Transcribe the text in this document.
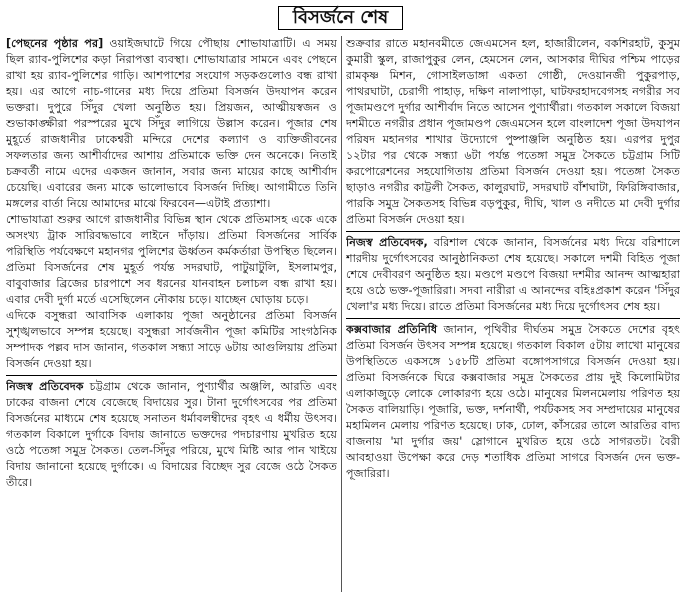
বিসর্জনে শেষ

[পেছনের পৃষ্ঠার পর] ওয়াইজঘাটে গিয়ে পৌছায় শোভাযাত্রাটি। এ সময় ছিল র‍্যাব-পুলিশের কড়া নিরাপত্তা ব্যবস্থা। শোভাযাত্রার সামনে এবং পেছনে রাখা হয় র‍্যাব-পুলিশের গাড়ি। আশপাশের সংযোগ সড়কগুলোও বন্ধ রাখা হয়। এর আগে নাচ-গানের মধ্য দিয়ে প্রতিমা বিসর্জন উদযাপন করেন ভক্তরা। দুপুরে সিঁদুর খেলা অনুষ্ঠিত হয়। প্রিয়জন, আত্মীয়স্বজন ও শুভাকাঙ্ক্ষীরা পরস্পরের মুখে সিঁদুর লাগিয়ে উল্লাস করেন। পূজার শেষ মুহূর্তে রাজধানীর ঢাকেশ্বরী মন্দিরে দেশের কল্যাণ ও ব্যক্তিজীবনের সফলতার জন্য আশীর্বাদের আশায় প্রতিমাকে ভক্তি দেন অনেকে। নিতাই চক্রবর্তী নামে এদের একজন জানান, সবার জন্য মায়ের কাছে আশীর্বাদ চেয়েছি। এবারের জন্য মাকে ভালোভাবে বিসর্জন দিচ্ছি। আগামীতে তিনি মঙ্গলের বার্তা নিয়ে আমাদের মাঝে ফিরবেন—এটাই প্রত্যাশা।

শোভাযাত্রা শুরুর আগে রাজধানীর বিভিন্ন স্থান থেকে প্রতিমাসহ একে একে অসংখ্য ট্রাক সারিবদ্ধভাবে লাইনে দাঁড়ায়। প্রতিমা বিসর্জনের সার্বিক পরিস্থিতি পর্যবেক্ষণে মহানগর পুলিশের ঊর্ধ্বতন কর্মকর্তারা উপস্থিত ছিলেন। প্রতিমা বিসর্জনের শেষ মুহূর্ত পর্যন্ত সদরঘাট, পাটুয়াটুলি, ইসলামপুর, বাবুবাজার ব্রিজের চারপাশে সব ধরনের যানবাহন চলাচল বন্ধ রাখা হয়। এবার দেবী দুর্গা মর্তে এসেছিলেন নৌকায় চড়ে। যাচ্ছেন ঘোড়ায় চড়ে।

এদিকে বসুন্ধরা আবাসিক এলাকায় পূজা অনুষ্ঠানের প্রতিমা বিসর্জন সুশৃঙ্খলভাবে সম্পন্ন হয়েছে। বসুন্ধরা সার্বজনীন পূজা কমিটির সাংগঠনিক সম্পাদক পল্লব দাস জানান, গতকাল সন্ধ্যা সাড়ে ৬টায় আগুলিয়ায় প্রতিমা বিসর্জন দেওয়া হয়।

নিজস্ব প্রতিবেদক চট্টগ্রাম থেকে জানান, পুণ্যার্থীর অঞ্জলি, আরতি এবং ঢাকের বাজনা শেষে বেজেছে বিদায়ের সুর। টানা দুর্গোৎসবের পর প্রতিমা বিসর্জনের মাধ্যমে শেষ হয়েছে সনাতন ধর্মাবলম্বীদের বৃহৎ এ ধর্মীয় উৎসব। গতকাল বিকালে দুর্গাকে বিদায় জানাতে ভক্তদের পদচারণায় মুখরিত হয়ে ওঠে পতেঙ্গা সমুদ্র সৈকত। তেল-সিঁদুর পরিয়ে, মুখে মিষ্টি আর পান খাইয়ে বিদায় জানানো হয়েছে দুর্গাকে। এ বিদায়ের বিচ্ছেদ সুর বেজে ওঠে সৈকত তীরে।

শুক্রবার রাতে মহানবমীতে জেএমসেন হল, হাজারীলেন, বকশিরহাট, কুসুম কুমারী স্কুল, রাজাপুকুর লেন, হেমসেন লেন, আসকার দীঘির পশ্চিম পাড়ের রামকৃষ্ণ মিশন, গোসাইলডাঙ্গা একতা গোষ্ঠী, দেওয়ানজী পুকুরপাড়, পাথরঘাটা, চেরাগী পাহাড়, দক্ষিণ নালাপাড়া, ঘাটফরহাদবেগসহ নগরীর সব পূজামণ্ডপে দুর্গার আশীর্বাদ নিতে আসেন পুণ্যার্থীরা। গতকাল সকালে বিজয়া দশমীতে নগরীর প্রধান পূজামণ্ডপ জেএমসেন হলে বাংলাদেশ পূজা উদযাপন পরিষদ মহানগর শাখার উদ্যোগে পুষ্পাঞ্জলি অনুষ্ঠিত হয়। এরপর দুপুর ১২টার পর থেকে সন্ধ্যা ৬টা পর্যন্ত পতেঙ্গা সমুদ্র সৈকতে চট্টগ্রাম সিটি করপোরেশনের সহযোগিতায় প্রতিমা বিসর্জন দেওয়া হয়। পতেঙ্গা সৈকত ছাড়াও নগরীর কাট্টলী সৈকত, কালুরঘাট, সদরঘাট বাঁশঘাটা, ফিরিঙ্গিবাজার, পারকি সমুদ্র সৈকতসহ বিভিন্ন বড়পুকুর, দীঘি, খাল ও নদীতে মা দেবী দুর্গার প্রতিমা বিসর্জন দেওয়া হয়।

নিজস্ব প্রতিবেদক, বরিশাল থেকে জানান, বিসর্জনের মধ্য দিয়ে বরিশালে শারদীয় দুর্গোৎসবের আনুষ্ঠানিকতা শেষ হয়েছে। সকালে দশমী বিহিত পূজা শেষে দেবীবরণ অনুষ্ঠিত হয়। মণ্ডপে মণ্ডপে বিজয়া দশমীর আনন্দ আত্মহারা হয়ে ওঠে ভক্ত-পূজারিরা। সদবা নারীরা এ আনন্দের বহিঃপ্রকাশ করেন 'সিঁদুর খেলা'র মধ্য দিয়ে। রাতে প্রতিমা বিসর্জনের মধ্য দিয়ে দুর্গোৎসব শেষ হয়।

কক্সবাজার প্রতিনিধি জানান, পৃথিবীর দীর্ঘতম সমুদ্র সৈকতে দেশের বৃহৎ প্রতিমা বিসর্জন উৎসব সম্পন্ন হয়েছে। গতকাল বিকাল ৫টায় লাখো মানুষের উপস্থিতিতে একসঙ্গে ১৫৮টি প্রতিমা বঙ্গোপসাগরে বিসর্জন দেওয়া হয়। প্রতিমা বিসর্জনকে ঘিরে কক্সবাজার সমুদ্র সৈকতের প্রায় দুই কিলোমিটার এলাকাজুড়ে লোকে লোকারণ্য হয়ে ওঠে। মানুষের মিলনমেলায় পরিণত হয় সৈকত বালিয়াড়ি। পূজারি, ভক্ত, দর্শনার্থী, পর্যটকসহ সব সম্প্রদায়ের মানুষের মহামিলন মেলায় পরিণত হয়েছে। ঢাক, ঢোল, কাঁসরের তালে আরতির বাদ্য বাজনায় 'মা দুর্গার জয়' স্লোগানে মুখরিত হয়ে ওঠে সাগরতট। বৈরী আবহাওয়া উপেক্ষা করে দেড় শতাধিক প্রতিমা সাগরে বিসর্জন দেন ভক্ত-পূজারিরা।
